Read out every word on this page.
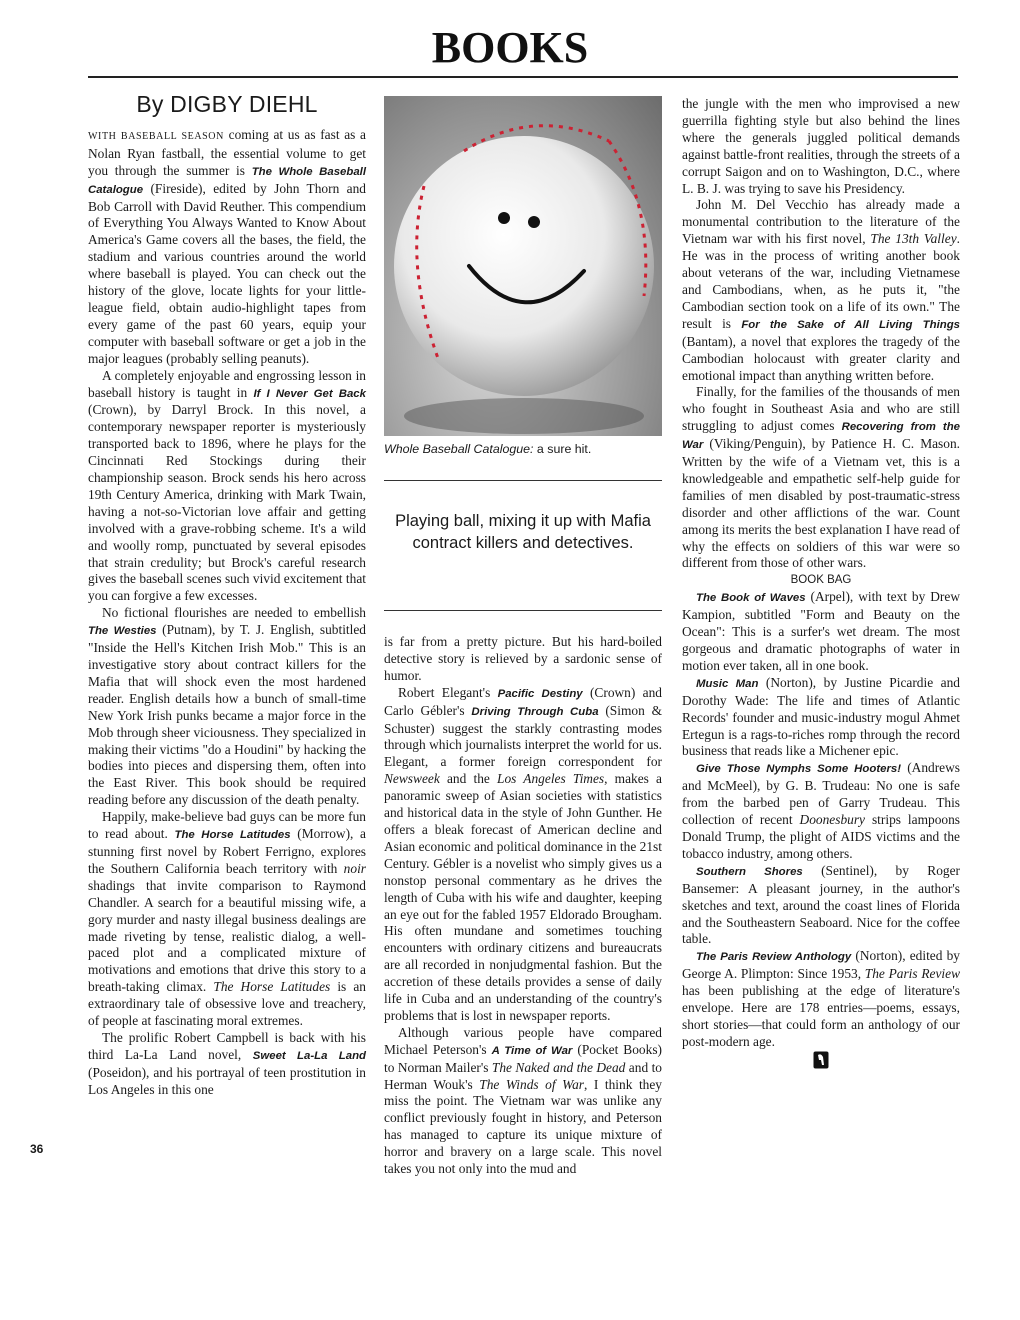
BOOKS
By DIGBY DIEHL

WITH BASEBALL SEASON coming at us as fast as a Nolan Ryan fastball, the essential volume to get you through the summer is The Whole Baseball Catalogue (Fireside), edited by John Thorn and Bob Carroll with David Reuther. This compendium of Everything You Always Wanted to Know About America's Game covers all the bases, the field, the stadium and various countries around the world where baseball is played. You can check out the history of the glove, locate lights for your little-league field, obtain audio-highlight tapes from every game of the past 60 years, equip your computer with baseball software or get a job in the major leagues (probably selling peanuts).

A completely enjoyable and engrossing lesson in baseball history is taught in If I Never Get Back (Crown), by Darryl Brock. In this novel, a contemporary newspaper reporter is mysteriously transported back to 1896, where he plays for the Cincinnati Red Stockings during their championship season. Brock sends his hero across 19th Century America, drinking with Mark Twain, having a not-so-Victorian love affair and getting involved with a grave-robbing scheme. It's a wild and woolly romp, punctuated by several episodes that strain credulity; but Brock's careful research gives the baseball scenes such vivid excitement that you can forgive a few excesses.

No fictional flourishes are needed to embellish The Westies (Putnam), by T. J. English, subtitled "Inside the Hell's Kitchen Irish Mob." This is an investigative story about contract killers for the Mafia that will shock even the most hardened reader. English details how a bunch of small-time New York Irish punks became a major force in the Mob through sheer viciousness. They specialized in making their victims "do a Houdini" by hacking the bodies into pieces and dispersing them, often into the East River. This book should be required reading before any discussion of the death penalty.

Happily, make-believe bad guys can be more fun to read about. The Horse Latitudes (Morrow), a stunning first novel by Robert Ferrigno, explores the Southern California beach territory with noir shadings that invite comparison to Raymond Chandler. A search for a beautiful missing wife, a gory murder and nasty illegal business dealings are made riveting by tense, realistic dialog, a well-paced plot and a complicated mixture of motivations and emotions that drive this story to a breath-taking climax. The Horse Latitudes is an extraordinary tale of obsessive love and treachery, of people at fascinating moral extremes.

The prolific Robert Campbell is back with his third La-La Land novel, Sweet La-La Land (Poseidon), and his portrayal of teen prostitution in Los Angeles in this one

Whole Baseball Catalogue: a sure hit.
Playing ball, mixing it up with Mafia contract killers and detectives.

is far from a pretty picture. But his hard-boiled detective story is relieved by a sardonic sense of humor.

Robert Elegant's Pacific Destiny (Crown) and Carlo Gébler's Driving Through Cuba (Simon & Schuster) suggest the starkly contrasting modes through which journalists interpret the world for us. Elegant, a former foreign correspondent for Newsweek and the Los Angeles Times, makes a panoramic sweep of Asian societies with statistics and historical data in the style of John Gunther. He offers a bleak forecast of American decline and Asian economic and political dominance in the 21st Century. Gébler is a novelist who simply gives us a nonstop personal commentary as he drives the length of Cuba with his wife and daughter, keeping an eye out for the fabled 1957 Eldorado Brougham. His often mundane and sometimes touching encounters with ordinary citizens and bureaucrats are all recorded in nonjudgmental fashion. But the accretion of these details provides a sense of daily life in Cuba and an understanding of the country's problems that is lost in newspaper reports.

Although various people have compared Michael Peterson's A Time of War (Pocket Books) to Norman Mailer's The Naked and the Dead and to Herman Wouk's The Winds of War, I think they miss the point. The Vietnam war was unlike any conflict previously fought in history, and Peterson has managed to capture its unique mixture of horror and bravery on a large scale. This novel takes you not only into the mud and

the jungle with the men who improvised a new guerrilla fighting style but also behind the lines where the generals juggled political demands against battle-front realities, through the streets of a corrupt Saigon and on to Washington, D.C., where L. B. J. was trying to save his Presidency.

John M. Del Vecchio has already made a monumental contribution to the literature of the Vietnam war with his first novel, The 13th Valley. He was in the process of writing another book about veterans of the war, including Vietnamese and Cambodians, when, as he puts it, "the Cambodian section took on a life of its own." The result is For the Sake of All Living Things (Bantam), a novel that explores the tragedy of the Cambodian holocaust with greater clarity and emotional impact than anything written before.

Finally, for the families of the thousands of men who fought in Southeast Asia and who are still struggling to adjust comes Recovering from the War (Viking/Penguin), by Patience H. C. Mason. Written by the wife of a Vietnam vet, this is a knowledgeable and empathetic self-help guide for families of men disabled by post-traumatic-stress disorder and other afflictions of the war. Count among its merits the best explanation I have read of why the effects on soldiers of this war were so different from those of other wars.

BOOK BAG

The Book of Waves (Arpel), with text by Drew Kampion, subtitled "Form and Beauty on the Ocean": This is a surfer's wet dream. The most gorgeous and dramatic photographs of water in motion ever taken, all in one book.

Music Man (Norton), by Justine Picardie and Dorothy Wade: The life and times of Atlantic Records' founder and music-industry mogul Ahmet Ertegun is a rags-to-riches romp through the record business that reads like a Michener epic.

Give Those Nymphs Some Hooters! (Andrews and McMeel), by G. B. Trudeau: No one is safe from the barbed pen of Garry Trudeau. This collection of recent Doonesbury strips lampoons Donald Trump, the plight of AIDS victims and the tobacco industry, among others.

Southern Shores (Sentinel), by Roger Bansemer: A pleasant journey, in the author's sketches and text, around the coast lines of Florida and the Southeastern Seaboard. Nice for the coffee table.

The Paris Review Anthology (Norton), edited by George A. Plimpton: Since 1953, The Paris Review has been publishing at the edge of literature's envelope. Here are 178 entries—poems, essays, short stories—that could form an anthology of our post-modern age.

36
